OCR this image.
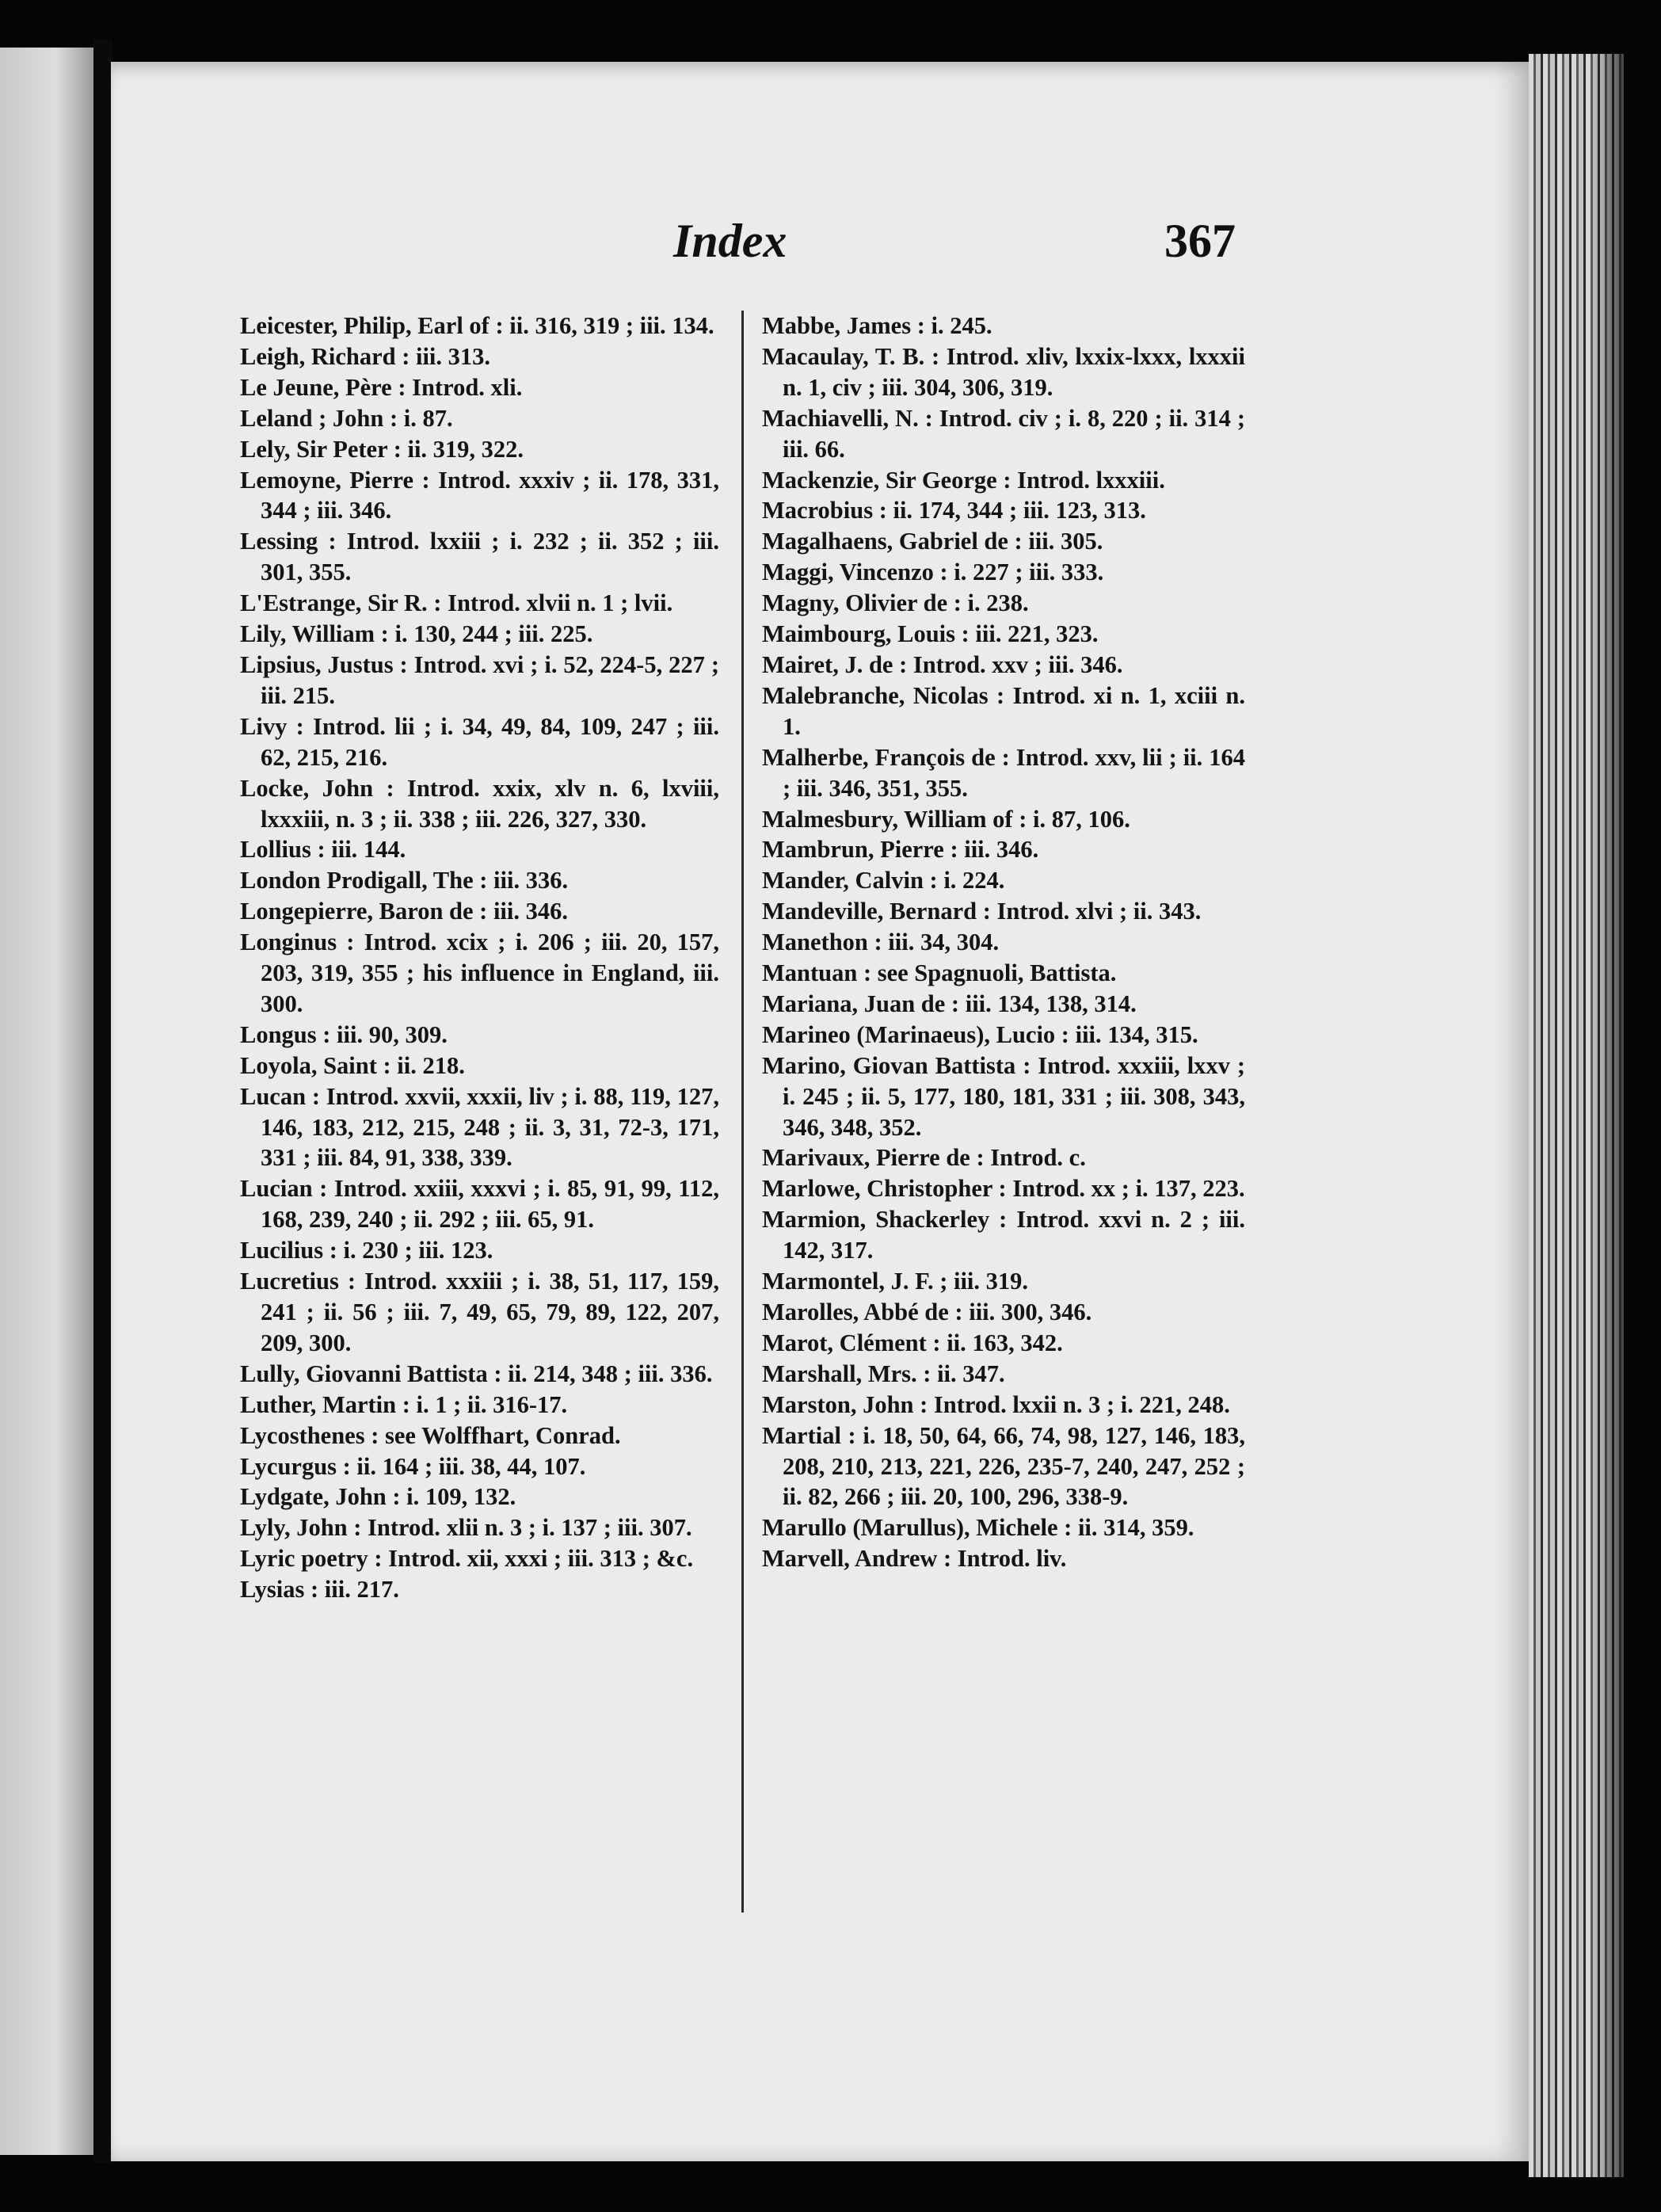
Index	367
Leicester, Philip, Earl of : ii. 316, 319 ; iii. 134.
Leigh, Richard : iii. 313.
Le Jeune, Père : Introd. xli.
Leland ; John : i. 87.
Lely, Sir Peter : ii. 319, 322.
Lemoyne, Pierre : Introd. xxxiv ; ii. 178, 331, 344 ; iii. 346.
Lessing : Introd. lxxiii ; i. 232 ; ii. 352 ; iii. 301, 355.
L'Estrange, Sir R. : Introd. xlvii n. 1 ; lvii.
Lily, William : i. 130, 244 ; iii. 225.
Lipsius, Justus : Introd. xvi ; i. 52, 224-5, 227 ; iii. 215.
Livy : Introd. lii ; i. 34, 49, 84, 109, 247 ; iii. 62, 215, 216.
Locke, John : Introd. xxix, xlv n. 6, lxviii, lxxxiii, n. 3 ; ii. 338 ; iii. 226, 327, 330.
Lollius : iii. 144.
London Prodigall, The : iii. 336.
Longepierre, Baron de : iii. 346.
Longinus : Introd. xcix ; i. 206 ; iii. 20, 157, 203, 319, 355 ; his influence in England, iii. 300.
Longus : iii. 90, 309.
Loyola, Saint : ii. 218.
Lucan : Introd. xxvii, xxxii, liv ; i. 88, 119, 127, 146, 183, 212, 215, 248 ; ii. 3, 31, 72-3, 171, 331 ; iii. 84, 91, 338, 339.
Lucian : Introd. xxiii, xxxvi ; i. 85, 91, 99, 112, 168, 239, 240 ; ii. 292 ; iii. 65, 91.
Lucilius : i. 230 ; iii. 123.
Lucretius : Introd. xxxiii ; i. 38, 51, 117, 159, 241 ; ii. 56 ; iii. 7, 49, 65, 79, 89, 122, 207, 209, 300.
Lully, Giovanni Battista : ii. 214, 348 ; iii. 336.
Luther, Martin : i. 1 ; ii. 316-17.
Lycosthenes : see Wolffhart, Conrad.
Lycurgus : ii. 164 ; iii. 38, 44, 107.
Lydgate, John : i. 109, 132.
Lyly, John : Introd. xlii n. 3 ; i. 137 ; iii. 307.
Lyric poetry : Introd. xii, xxxi ; iii. 313 ; &c.
Lysias : iii. 217.
Mabbe, James : i. 245.
Macaulay, T. B. : Introd. xliv, lxxix-lxxx, lxxxii n. 1, civ ; iii. 304, 306, 319.
Machiavelli, N. : Introd. civ ; i. 8, 220 ; ii. 314 ; iii. 66.
Mackenzie, Sir George : Introd. lxxxiii.
Macrobius : ii. 174, 344 ; iii. 123, 313.
Magalhaens, Gabriel de : iii. 305.
Maggi, Vincenzo : i. 227 ; iii. 333.
Magny, Olivier de : i. 238.
Maimbourg, Louis : iii. 221, 323.
Mairet, J. de : Introd. xxv ; iii. 346.
Malebranche, Nicolas : Introd. xi n. 1, xciii n. 1.
Malherbe, François de : Introd. xxv, lii ; ii. 164 ; iii. 346, 351, 355.
Malmesbury, William of : i. 87, 106.
Mambrun, Pierre : iii. 346.
Mander, Calvin : i. 224.
Mandeville, Bernard : Introd. xlvi ; ii. 343.
Manethon : iii. 34, 304.
Mantuan : see Spagnuoli, Battista.
Mariana, Juan de : iii. 134, 138, 314.
Marineo (Marinaeus), Lucio : iii. 134, 315.
Marino, Giovan Battista : Introd. xxxiii, lxxv ; i. 245 ; ii. 5, 177, 180, 181, 331 ; iii. 308, 343, 346, 348, 352.
Marivaux, Pierre de : Introd. c.
Marlowe, Christopher : Introd. xx ; i. 137, 223.
Marmion, Shackerley : Introd. xxvi n. 2 ; iii. 142, 317.
Marmontel, J. F. ; iii. 319.
Marolles, Abbé de : iii. 300, 346.
Marot, Clément : ii. 163, 342.
Marshall, Mrs. : ii. 347.
Marston, John : Introd. lxxii n. 3 ; i. 221, 248.
Martial : i. 18, 50, 64, 66, 74, 98, 127, 146, 183, 208, 210, 213, 221, 226, 235-7, 240, 247, 252 ; ii. 82, 266 ; iii. 20, 100, 296, 338-9.
Marullo (Marullus), Michele : ii. 314, 359.
Marvell, Andrew : Introd. liv.
